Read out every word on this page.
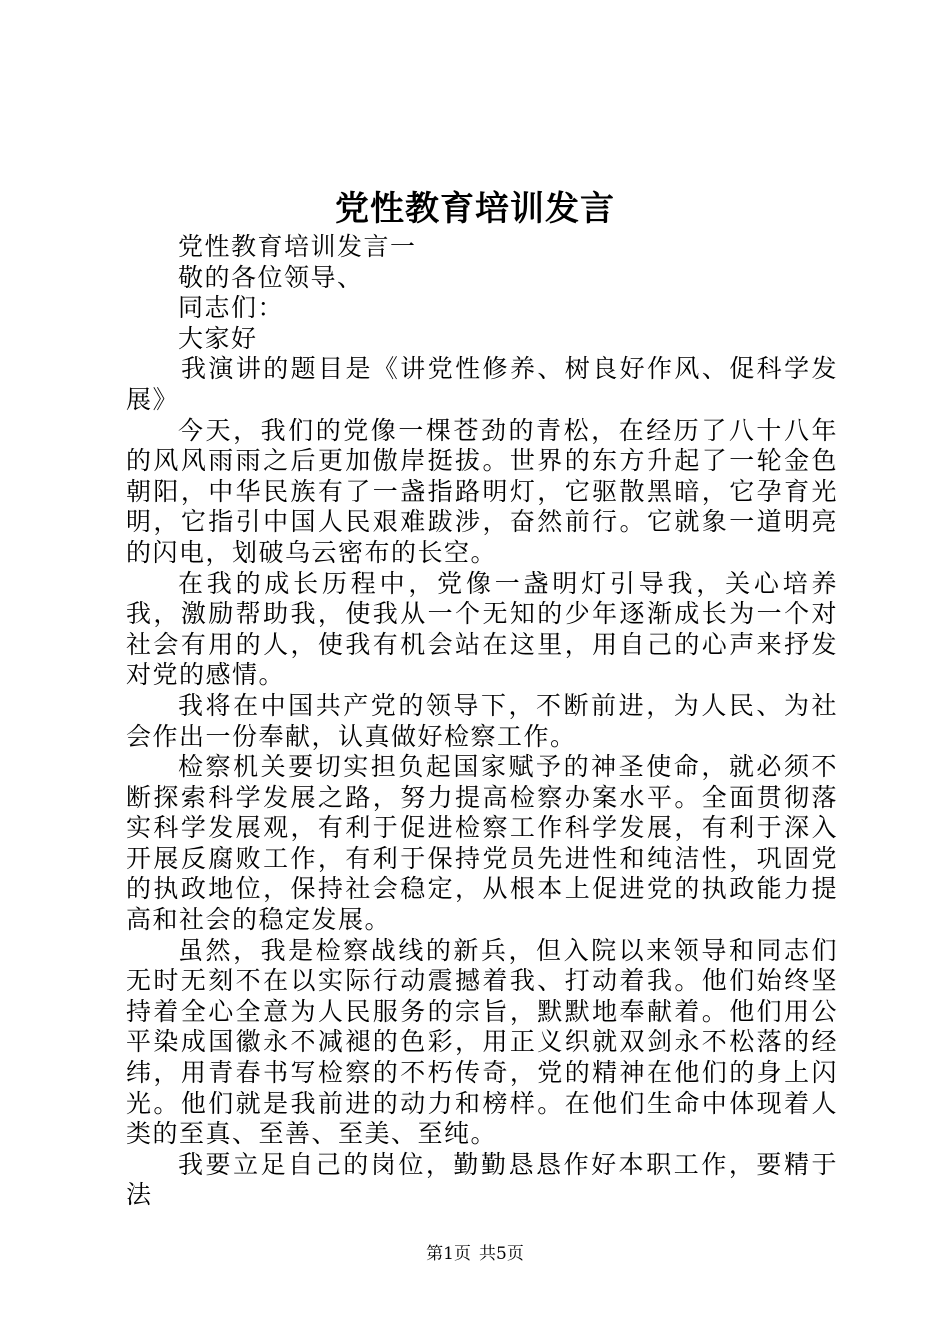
党性教育培训发言

党性教育培训发言一

敬的各位领导、

同志们：

大家好

我演讲的题目是《讲党性修养、树良好作风、促科学发展》

今天，我们的党像一棵苍劲的青松，在经历了八十八年的风风雨雨之后更加傲岸挺拔。世界的东方升起了一轮金色朝阳，中华民族有了一盏指路明灯，它驱散黑暗，它孕育光明，它指引中国人民艰难跋涉，奋然前行。它就象一道明亮的闪电，划破乌云密布的长空。

在我的成长历程中，党像一盏明灯引导我，关心培养我，激励帮助我，使我从一个无知的少年逐渐成长为一个对社会有用的人，使我有机会站在这里，用自己的心声来抒发对党的感情。

我将在中国共产党的领导下，不断前进，为人民、为社会作出一份奉献，认真做好检察工作。

检察机关要切实担负起国家赋予的神圣使命，就必须不断探索科学发展之路，努力提高检察办案水平。全面贯彻落实科学发展观，有利于促进检察工作科学发展，有利于深入开展反腐败工作，有利于保持党员先进性和纯洁性，巩固党的执政地位，保持社会稳定，从根本上促进党的执政能力提高和社会的稳定发展。

虽然，我是检察战线的新兵，但入院以来领导和同志们无时无刻不在以实际行动震撼着我、打动着我。他们始终坚持着全心全意为人民服务的宗旨，默默地奉献着。他们用公平染成国徽永不减褪的色彩，用正义织就双剑永不松落的经纬，用青春书写检察的不朽传奇，党的精神在他们的身上闪光。他们就是我前进的动力和榜样。在他们生命中体现着人类的至真、至善、至美、至纯。

我要立足自己的岗位，勤勤恳恳作好本职工作，要精于法

第1页 共5页
